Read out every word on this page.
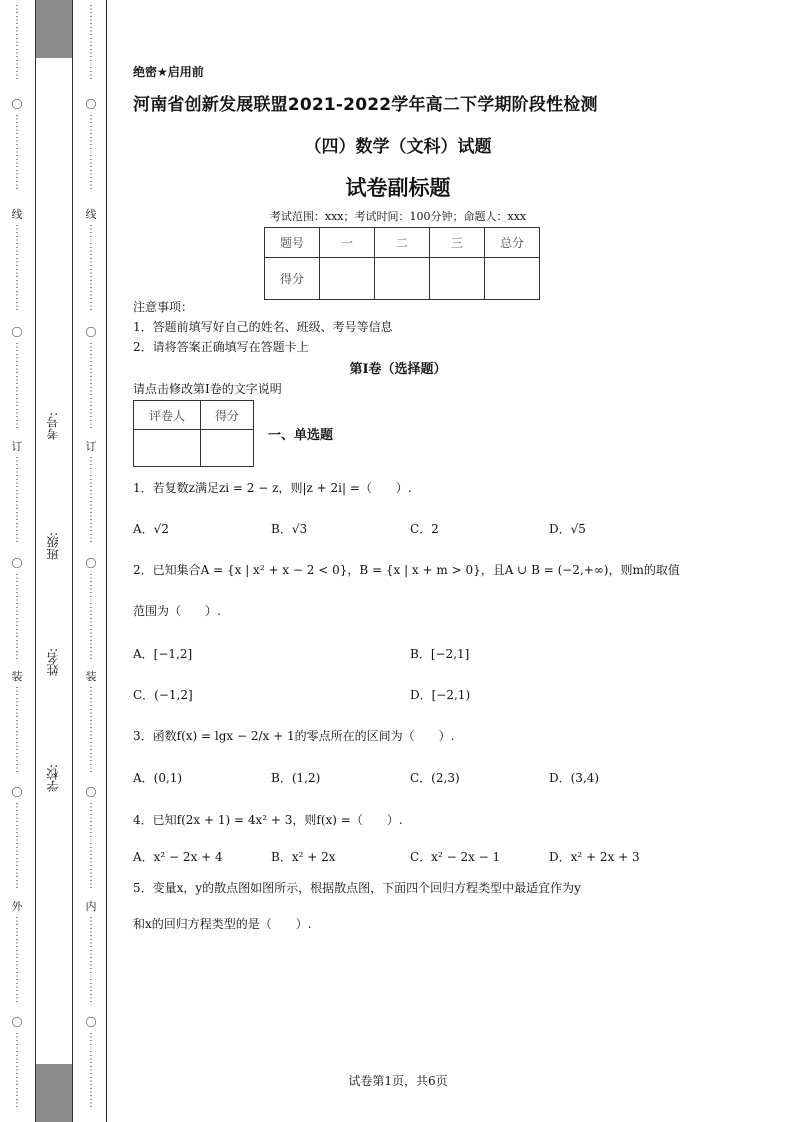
〇
线
〇
订
〇
装
〇
外
〇
⋮
⋮
⋮
⋮
⋮
⋮
⋮
⋮
⋮
⋮
⋮
⋮
⋮
⋮
⋮
⋮
⋮
⋮
⋮
⋮
⋮
⋮
⋮
⋮
⋮
⋮
⋮
⋮
⋮
⋮
⋮
⋮
⋮
⋮
⋮
⋮
⋮
⋮
⋮
⋮
⋮
⋮
⋮
⋮
⋮
⋮
⋮
⋮
⋮
⋮
⋮
⋮
⋮
⋮
⋮
⋮
⋮
⋮
⋮
⋮
⋮
⋮
⋮
⋮
⋮
⋮
⋮
⋮
⋮
⋮
⋮
⋮
⋮
⋮
⋮
⋮
⋮
考号:
班级:
姓名:
学校:
〇
线
〇
订
〇
装
〇
内
〇
⋮
⋮
⋮
⋮
⋮
⋮
⋮
⋮
⋮
⋮
⋮
⋮
⋮
⋮
⋮
⋮
⋮
⋮
⋮
⋮
⋮
⋮
⋮
⋮
⋮
⋮
⋮
⋮
⋮
⋮
⋮
⋮
⋮
⋮
⋮
⋮
⋮
⋮
⋮
⋮
⋮
⋮
⋮
⋮
⋮
⋮
⋮
⋮
⋮
⋮
⋮
⋮
⋮
⋮
⋮
⋮
⋮
⋮
⋮
⋮
⋮
⋮
⋮
⋮
⋮
⋮
⋮
⋮
⋮
⋮
⋮
⋮
⋮
⋮
⋮
⋮
⋮
绝密★启用前
河南省创新发展联盟2021-2022学年高二下学期阶段性检测
（四）数学（文科）试题
试卷副标题
考试范围：xxx；考试时间：100分钟；命题人：xxx
题号	一	二	三	总分
得分				
注意事项：
1．答题前填写好自己的姓名、班级、考号等信息
2．请将答案正确填写在答题卡上
第I卷（选择题）
请点击修改第I卷的文字说明
评卷人	得分

一、单选题
1．若复数z满足zi = 2 − z，则|z + 2i| =（　　）.
A．√2	B．√3	C．2	D．√5
2．已知集合A = {x | x² + x − 2 < 0}，B = {x | x + m > 0}，且A ∪ B = (−2,+∞)，则m的取值
范围为（　　）.
A．[−1,2]	B．[−2,1]
C．(−1,2]	D．[−2,1)
3．函数f(x) = lgx − 2/x + 1的零点所在的区间为（　　）.
A．(0,1)	B．(1,2)	C．(2,3)	D．(3,4)
4．已知f(2x + 1) = 4x² + 3，则f(x) =（　　）.
A．x² − 2x + 4	B．x² + 2x	C．x² − 2x − 1	D．x² + 2x + 3
5．变量x，y的散点图如图所示，根据散点图，下面四个回归方程类型中最适宜作为y
和x的回归方程类型的是（　　）.
试卷第1页，共6页
